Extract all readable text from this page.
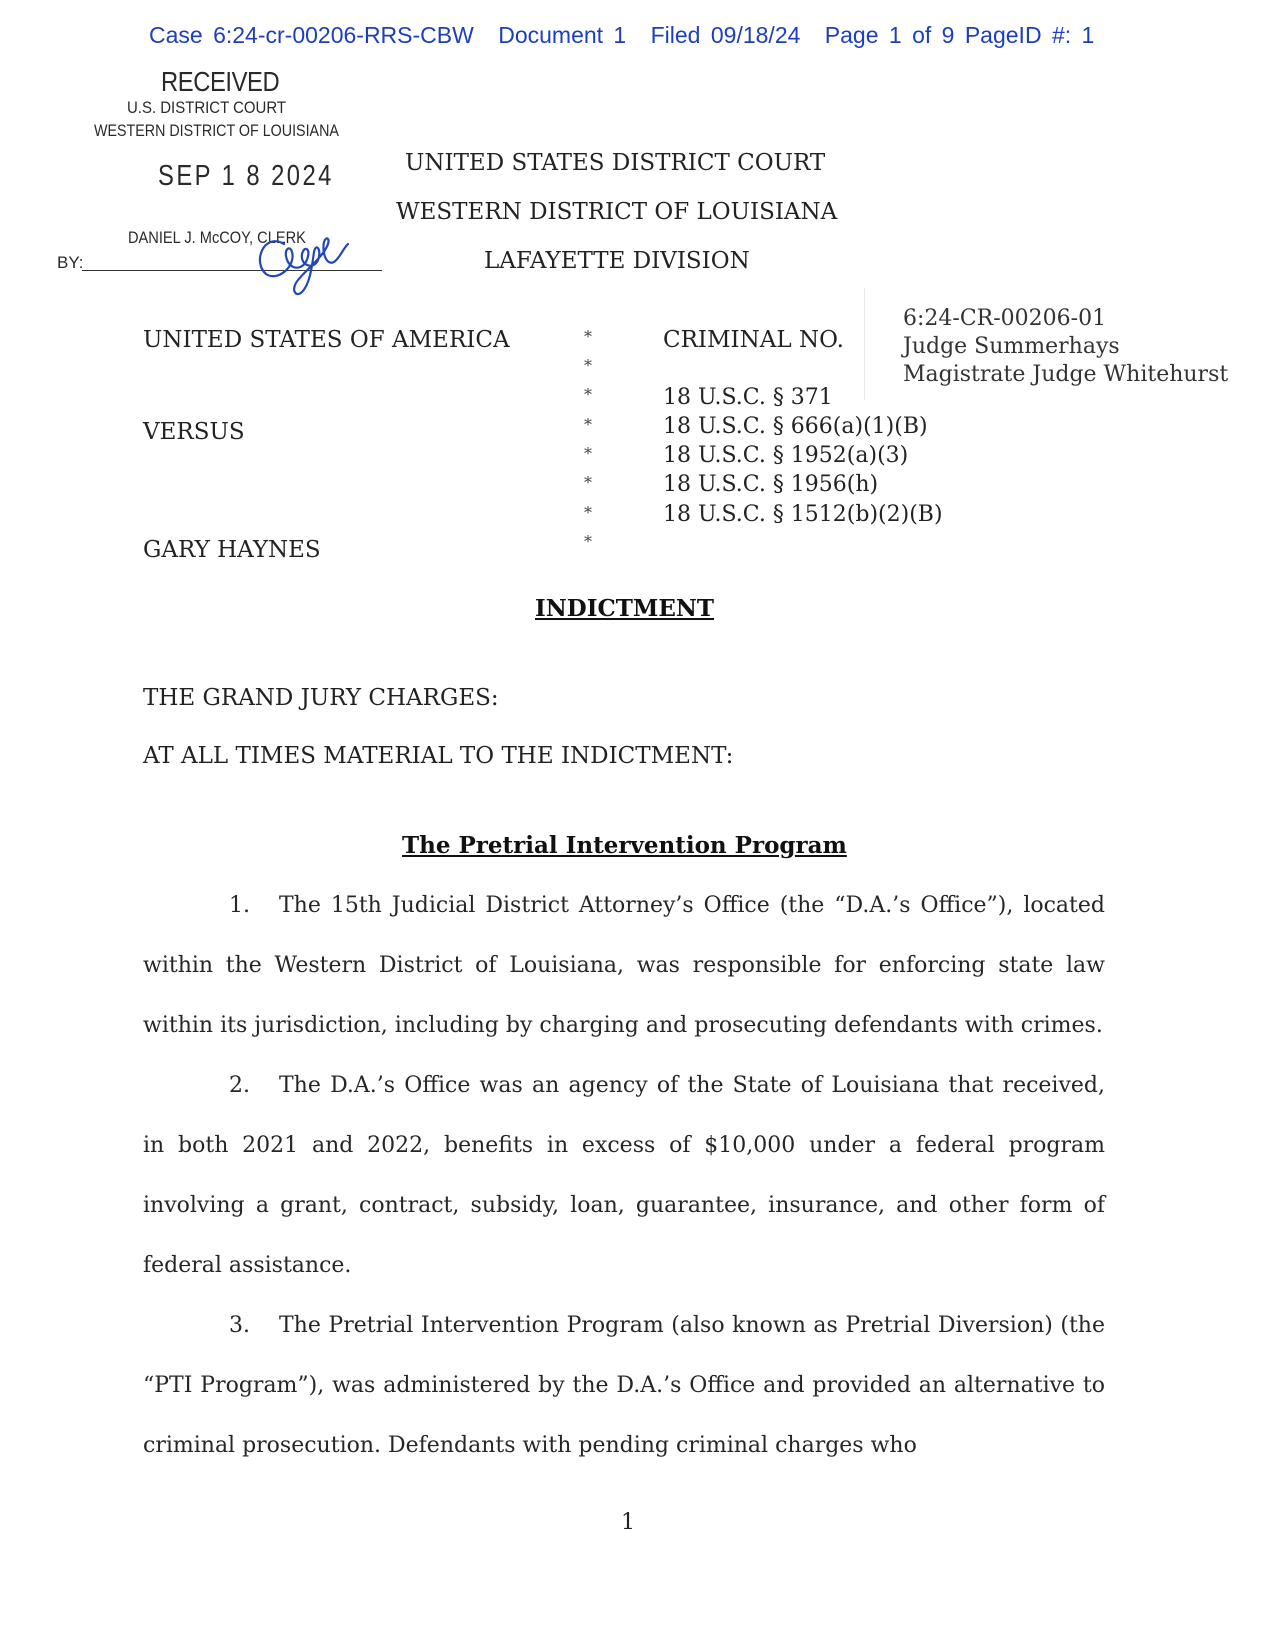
Case 6:24-cr-00206-RRS-CBW Document 1 Filed 09/18/24 Page 1 of 9 PageID #: 1
RECEIVED
U.S. DISTRICT COURT
WESTERN DISTRICT OF LOUISIANA
SEP 1 8 2024
DANIEL J. McCOY, CLERK
BY:
UNITED STATES DISTRICT COURT
WESTERN DISTRICT OF LOUISIANA
LAFAYETTE DIVISION
6:24-CR-00206-01
Judge Summerhays
Magistrate Judge Whitehurst
UNITED STATES OF AMERICA
VERSUS
GARY HAYNES
*
*
*
*
*
*
*
*
CRIMINAL NO.
18 U.S.C. § 371
18 U.S.C. § 666(a)(1)(B)
18 U.S.C. § 1952(a)(3)
18 U.S.C. § 1956(h)
18 U.S.C. § 1512(b)(2)(B)
INDICTMENT
THE GRAND JURY CHARGES:
AT ALL TIMES MATERIAL TO THE INDICTMENT:
The Pretrial Intervention Program
1. The 15th Judicial District Attorney’s Office (the “D.A.’s Office”), located within the Western District of Louisiana, was responsible for enforcing state law within its jurisdiction, including by charging and prosecuting defendants with crimes.
2. The D.A.’s Office was an agency of the State of Louisiana that received, in both 2021 and 2022, benefits in excess of $10,000 under a federal program involving a grant, contract, subsidy, loan, guarantee, insurance, and other form of federal assistance.
3. The Pretrial Intervention Program (also known as Pretrial Diversion) (the “PTI Program”), was administered by the D.A.’s Office and provided an alternative to criminal prosecution. Defendants with pending criminal charges who
1
